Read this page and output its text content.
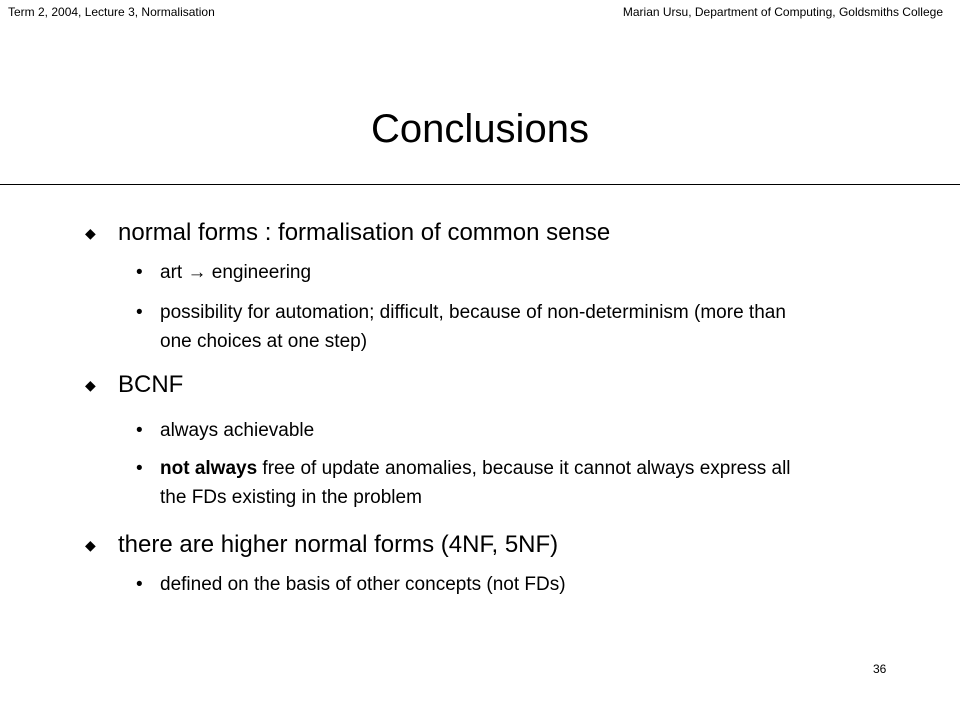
Term 2, 2004, Lecture 3, Normalisation	Marian Ursu, Department of Computing, Goldsmiths College
Conclusions
◆ normal forms : formalisation of common sense
• art → engineering
• possibility for automation; difficult, because of non-determinism (more than one choices at one step)
◆ BCNF
• always achievable
• not always free of update anomalies, because it cannot always express all the FDs existing in the problem
◆ there are higher normal forms (4NF, 5NF)
• defined on the basis of other concepts (not FDs)
36
